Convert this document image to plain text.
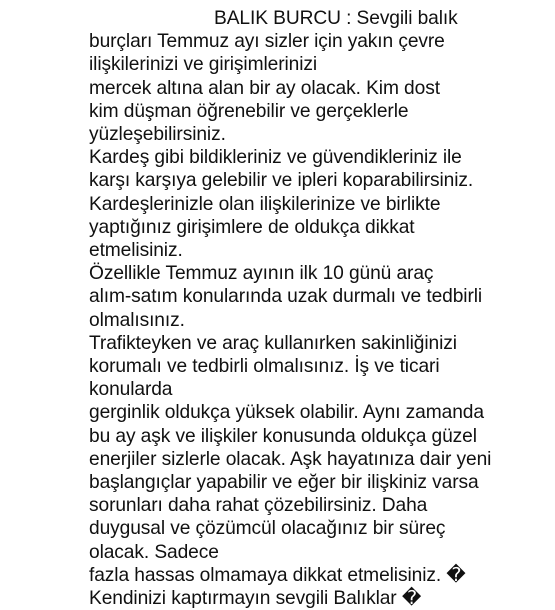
BALIK BURCU : Sevgili balık
burçları Temmuz ayı sizler için yakın çevre
ilişkilerinizi ve girişimlerinizi
mercek altına alan bir ay olacak. Kim dost
kim düşman öğrenebilir ve gerçeklerle
yüzleşebilirsiniz.
Kardeş gibi bildikleriniz ve güvendikleriniz ile
karşı karşıya gelebilir ve ipleri koparabilirsiniz.
Kardeşlerinizle olan ilişkilerinize ve birlikte
yaptığınız girişimlere de oldukça dikkat
etmelisiniz.
Özellikle Temmuz ayının ilk 10 günü araç
alım-satım konularında uzak durmalı ve tedbirli
olmalısınız.
Trafikteyken ve araç kullanırken sakinliğinizi
korumalı ve tedbirli olmalısınız. İş ve ticari
konularda
gerginlik oldukça yüksek olabilir. Aynı zamanda
bu ay aşk ve ilişkiler konusunda oldukça güzel
enerjiler sizlerle olacak. Aşk hayatınıza dair yeni
başlangıçlar yapabilir ve eğer bir ilişkiniz varsa
sorunları daha rahat çözebilirsiniz. Daha
duygusal ve çözümcül olacağınız bir süreç
olacak. Sadece
fazla hassas olmamaya dikkat etmelisiniz. �
Kendinizi kaptırmayın sevgili Balıklar �
